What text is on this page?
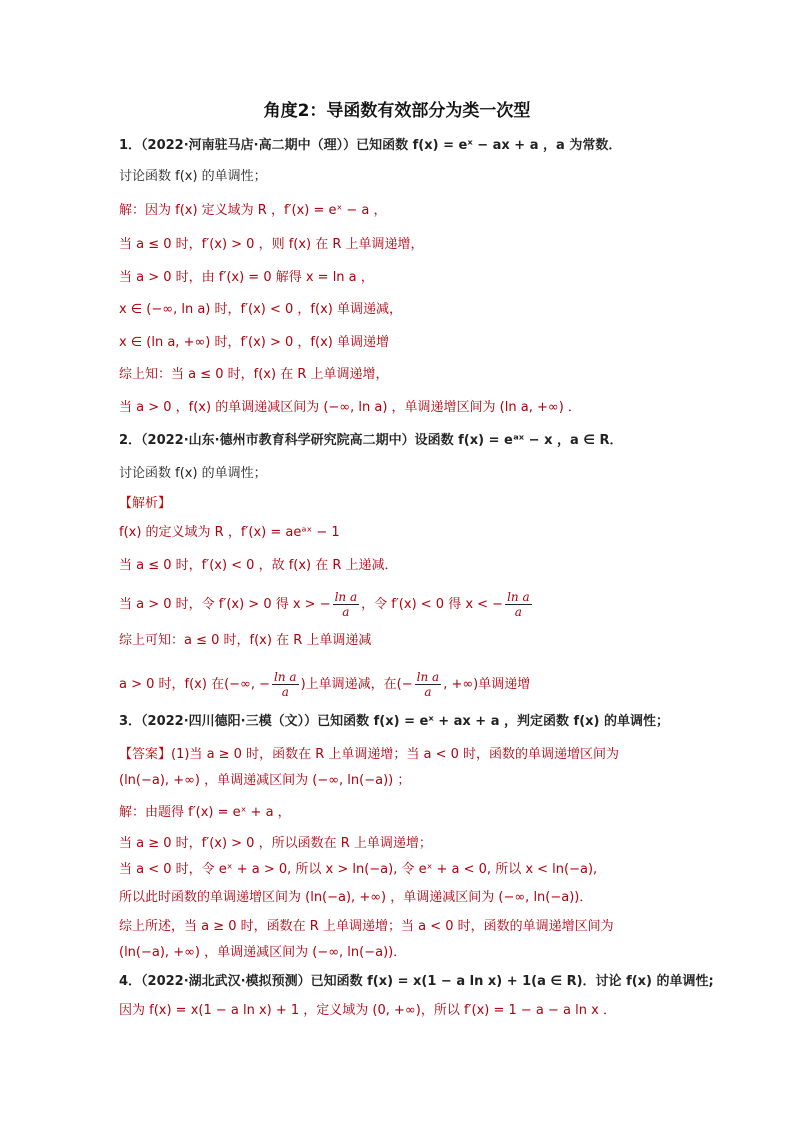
角度2：导函数有效部分为类一次型
1．（2022·河南驻马店·高二期中（理））已知函数 f(x) = eˣ − ax + a ，a 为常数．
讨论函数 f(x) 的单调性；
解：因为 f(x) 定义域为 R ，f′(x) = eˣ − a ，
当 a ≤ 0 时，f′(x) > 0 ，则 f(x) 在 R 上单调递增，
当 a > 0 时，由 f′(x) = 0 解得 x = ln a ，
x ∈ (−∞, ln a) 时，f′(x) < 0 ，f(x) 单调递减，
x ∈ (ln a, +∞) 时，f′(x) > 0 ，f(x) 单调递增
综上知：当 a ≤ 0 时，f(x) 在 R 上单调递增，
当 a > 0 ，f(x) 的单调递减区间为 (−∞, ln a) ，单调递增区间为 (ln a, +∞) ．
2．（2022·山东·德州市教育科学研究院高二期中）设函数 f(x) = eᵃˣ − x ，a ∈ R．
讨论函数 f(x) 的单调性；
【解析】
f(x) 的定义域为 R ，f′(x) = aeᵃˣ − 1
当 a ≤ 0 时，f′(x) < 0 ，故 f(x) 在 R 上递减．
当 a > 0 时，令 f′(x) > 0 得 x > − $\frac{\text{ln a}}{a}$ ，令 f′(x) < 0 得 x < − $\frac{\text{ln a}}{a}$
综上可知：a ≤ 0 时，f(x) 在 R 上单调递减
a > 0 时，f(x) 在(−∞, − $\frac{\text{ln a}}{a}$ )上单调递减，在(− $\frac{\text{ln a}}{a}$ , +∞)单调递增
3．（2022·四川德阳·三模（文））已知函数 f(x) = eˣ + ax + a ，判定函数 f(x) 的单调性；
【答案】(1)当 a ≥ 0 时，函数在 R 上单调递增；当 a < 0 时，函数的单调递增区间为
(ln(−a), +∞) ，单调递减区间为 (−∞, ln(−a)) ；
解：由题得 f′(x) = eˣ + a ，
当 a ≥ 0 时，f′(x) > 0 ，所以函数在 R 上单调递增；
当 a < 0 时，令 eˣ + a > 0, 所以 x > ln(−a), 令 eˣ + a < 0, 所以 x < ln(−a),
所以此时函数的单调递增区间为 (ln(−a), +∞) ，单调递减区间为 (−∞, ln(−a))．
综上所述，当 a ≥ 0 时，函数在 R 上单调递增；当 a < 0 时，函数的单调递增区间为
(ln(−a), +∞) ，单调递减区间为 (−∞, ln(−a))．
4．（2022·湖北武汉·模拟预测）已知函数 f(x) = x(1 − a ln x) + 1(a ∈ R)．讨论 f(x) 的单调性;
因为 f(x) = x(1 − a ln x) + 1 ，定义域为 (0, +∞)，所以 f′(x) = 1 − a − a ln x ．
